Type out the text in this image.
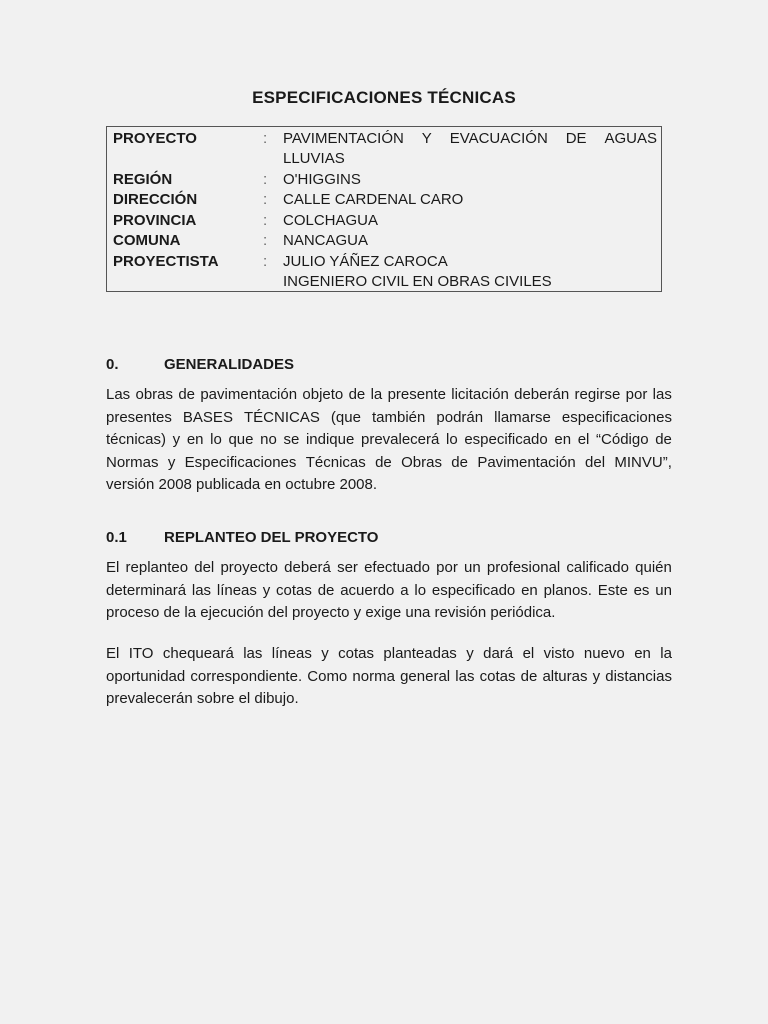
ESPECIFICACIONES TÉCNICAS
PROYECTO	: PAVIMENTACIÓN Y EVACUACIÓN DE AGUAS
LLUVIAS
REGIÓN	: O'HIGGINS
DIRECCIÓN	: CALLE CARDENAL CARO
PROVINCIA	: COLCHAGUA
COMUNA	: NANCAGUA
PROYECTISTA	: JULIO YÁÑEZ CAROCA
INGENIERO CIVIL EN OBRAS CIVILES
0.	GENERALIDADES
Las obras de pavimentación objeto de la presente licitación deberán regirse por las
presentes BASES TÉCNICAS (que también podrán llamarse especificaciones
técnicas) y en lo que no se indique prevalecerá lo especificado en el “Código de
Normas y Especificaciones Técnicas de Obras de Pavimentación del MINVU”,
versión 2008 publicada en octubre 2008.
0.1 REPLANTEO DEL PROYECTO
El replanteo del proyecto deberá ser efectuado por un profesional calificado quién
determinará las líneas y cotas de acuerdo a lo especificado en planos. Este es un
proceso de la ejecución del proyecto y exige una revisión periódica.
El ITO chequeará las líneas y cotas planteadas y dará el visto nuevo en la
oportunidad correspondiente. Como norma general las cotas de alturas y distancias
prevalecerán sobre el dibujo.
